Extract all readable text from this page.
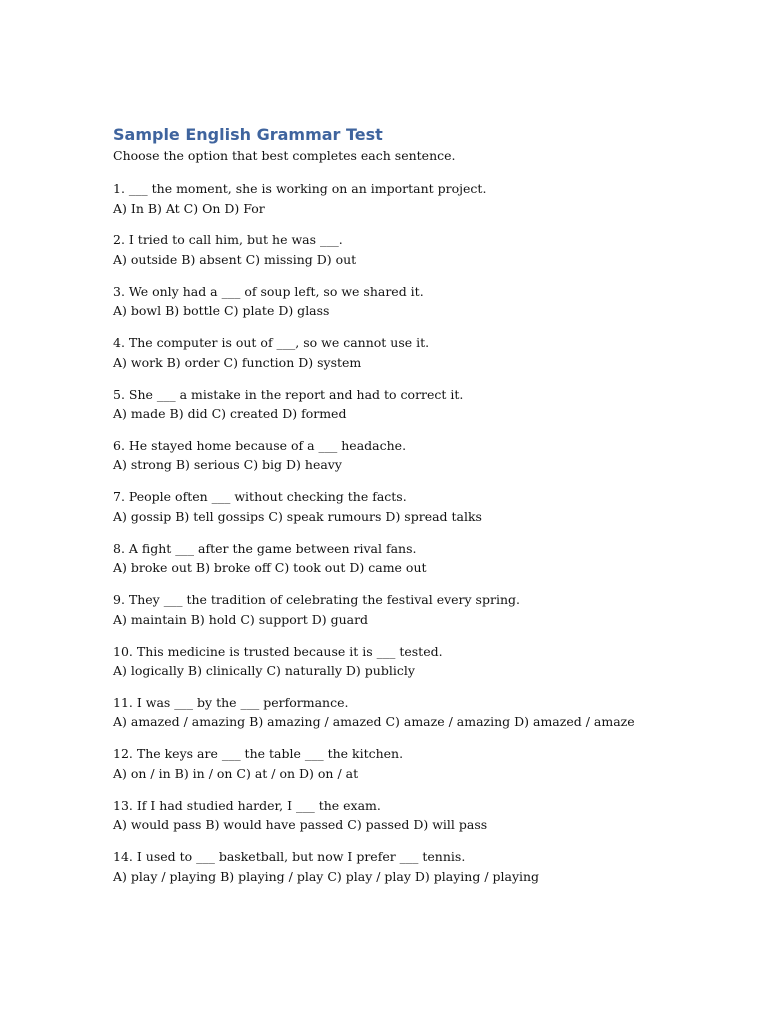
Sample English Grammar Test

Choose the option that best completes each sentence.

1. ___ the moment, she is working on an important project.
A) In B) At C) On D) For
2. I tried to call him, but he was ___.
A) outside B) absent C) missing D) out
3. We only had a ___ of soup left, so we shared it.
A) bowl B) bottle C) plate D) glass
4. The computer is out of ___, so we cannot use it.
A) work B) order C) function D) system
5. She ___ a mistake in the report and had to correct it.
A) made B) did C) created D) formed
6. He stayed home because of a ___ headache.
A) strong B) serious C) big D) heavy
7. People often ___ without checking the facts.
A) gossip B) tell gossips C) speak rumours D) spread talks
8. A fight ___ after the game between rival fans.
A) broke out B) broke off C) took out D) came out
9. They ___ the tradition of celebrating the festival every spring.
A) maintain B) hold C) support D) guard
10. This medicine is trusted because it is ___ tested.
A) logically B) clinically C) naturally D) publicly
11. I was ___ by the ___ performance.
A) amazed / amazing B) amazing / amazed C) amaze / amazing D) amazed / amaze
12. The keys are ___ the table ___ the kitchen.
A) on / in B) in / on C) at / on D) on / at
13. If I had studied harder, I ___ the exam.
A) would pass B) would have passed C) passed D) will pass
14. I used to ___ basketball, but now I prefer ___ tennis.
A) play / playing B) playing / play C) play / play D) playing / playing
